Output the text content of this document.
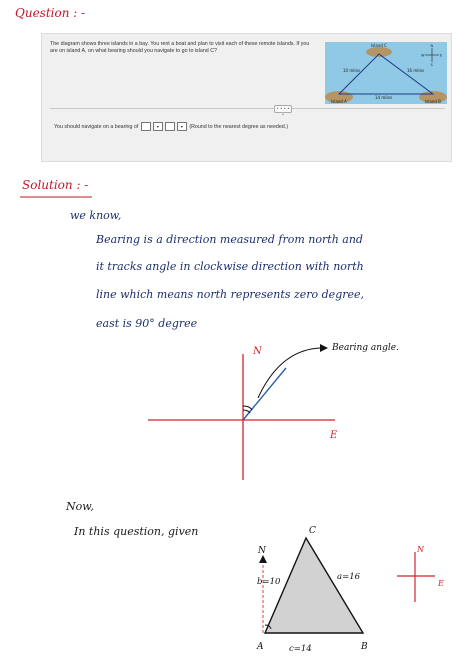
Question : -
The diagram shows three islands in a bay. You rent a boat and plan to visit each of these remote islands. If you are on island A, on what bearing should you navigate to go to island C?
Island A	Island B
Island C
10 miles	16 miles
14 miles
N
S
E
W
• • • • •
You should navigate on a bearing of	▾	▾ (Round to the nearest degree as needed.)
Solution : -
we know,
Bearing is a direction measured from north and
it tracks angle in clockwise direction with north
line which means north represents zero degree,
east is 90° degree
N
E
Bearing angle.
Now,
In this question, given
N
C
A	B
b=10	a=16
c=14
N
E
